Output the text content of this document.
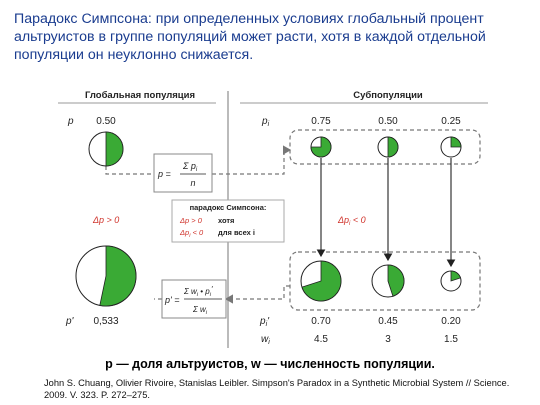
Парадокс Симпсона: при определенных условиях глобальный процент альтруистов в группе популяций может расти, хотя в каждой отдельной популяции он неуклонно снижается.
Глобальная популяция	Субпопуляции
p
p'
$p_i$
$p_i'$
$w_i$
0.50	0.75	0.50	0.25
0,533	0.70	0.45	0.20
4.5	3	1.5
p =
Σ $p_i$
n
p' =
Σ $w_i$ • $p_i'$
Σ $w_i$
Δp > 0	$\Delta p_i < 0$
парадокс Симпсона:
Δp > 0 хотя
$\Delta p_i < 0$ для всех i

p — доля альтруистов, w — численность популяции.

John S. Chuang, Olivier Rivoire, Stanislas Leibler. Simpson's Paradox in a Synthetic Microbial System // Science. 2009. V. 323. P. 272–275.
